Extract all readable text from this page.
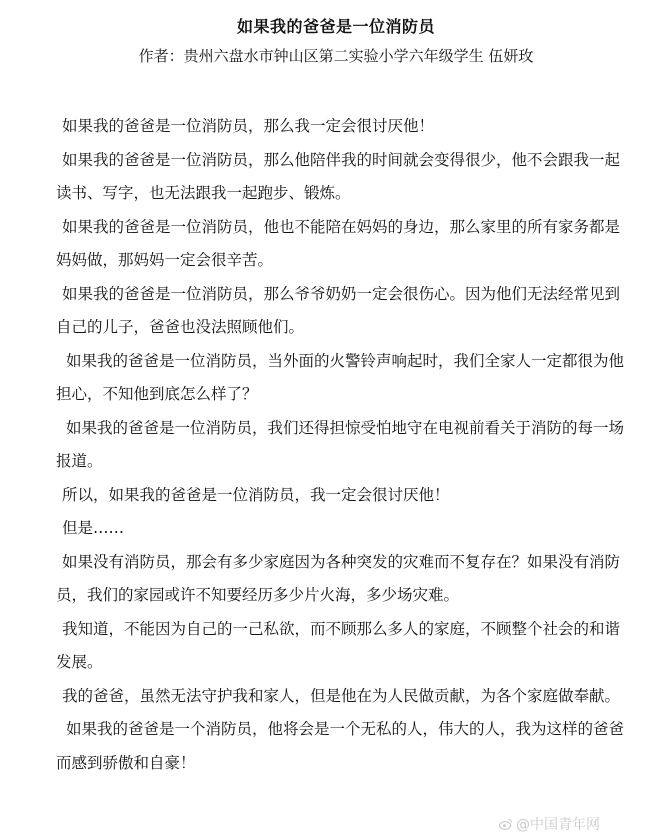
如果我的爸爸是一位消防员
作者：贵州六盘水市钟山区第二实验小学六年级学生 伍妍玫

如果我的爸爸是一位消防员，那么我一定会很讨厌他！

如果我的爸爸是一位消防员，那么他陪伴我的时间就会变得很少，他不会跟我一起读书、写字，也无法跟我一起跑步、锻炼。

如果我的爸爸是一位消防员，他也不能陪在妈妈的身边，那么家里的所有家务都是妈妈做，那妈妈一定会很辛苦。

如果我的爸爸是一位消防员，那么爷爷奶奶一定会很伤心。因为他们无法经常见到自己的儿子，爸爸也没法照顾他们。

如果我的爸爸是一位消防员，当外面的火警铃声响起时，我们全家人一定都很为他担心，不知他到底怎么样了？

如果我的爸爸是一位消防员，我们还得担惊受怕地守在电视前看关于消防的每一场报道。

所以，如果我的爸爸是一位消防员，我一定会很讨厌他！

但是……

如果没有消防员，那会有多少家庭因为各种突发的灾难而不复存在？如果没有消防员，我们的家园或许不知要经历多少片火海，多少场灾难。

我知道，不能因为自己的一己私欲，而不顾那么多人的家庭，不顾整个社会的和谐发展。

我的爸爸，虽然无法守护我和家人，但是他在为人民做贡献，为各个家庭做奉献。

如果我的爸爸是一个消防员，他将会是一个无私的人，伟大的人，我为这样的爸爸而感到骄傲和自豪！

@中国青年网
